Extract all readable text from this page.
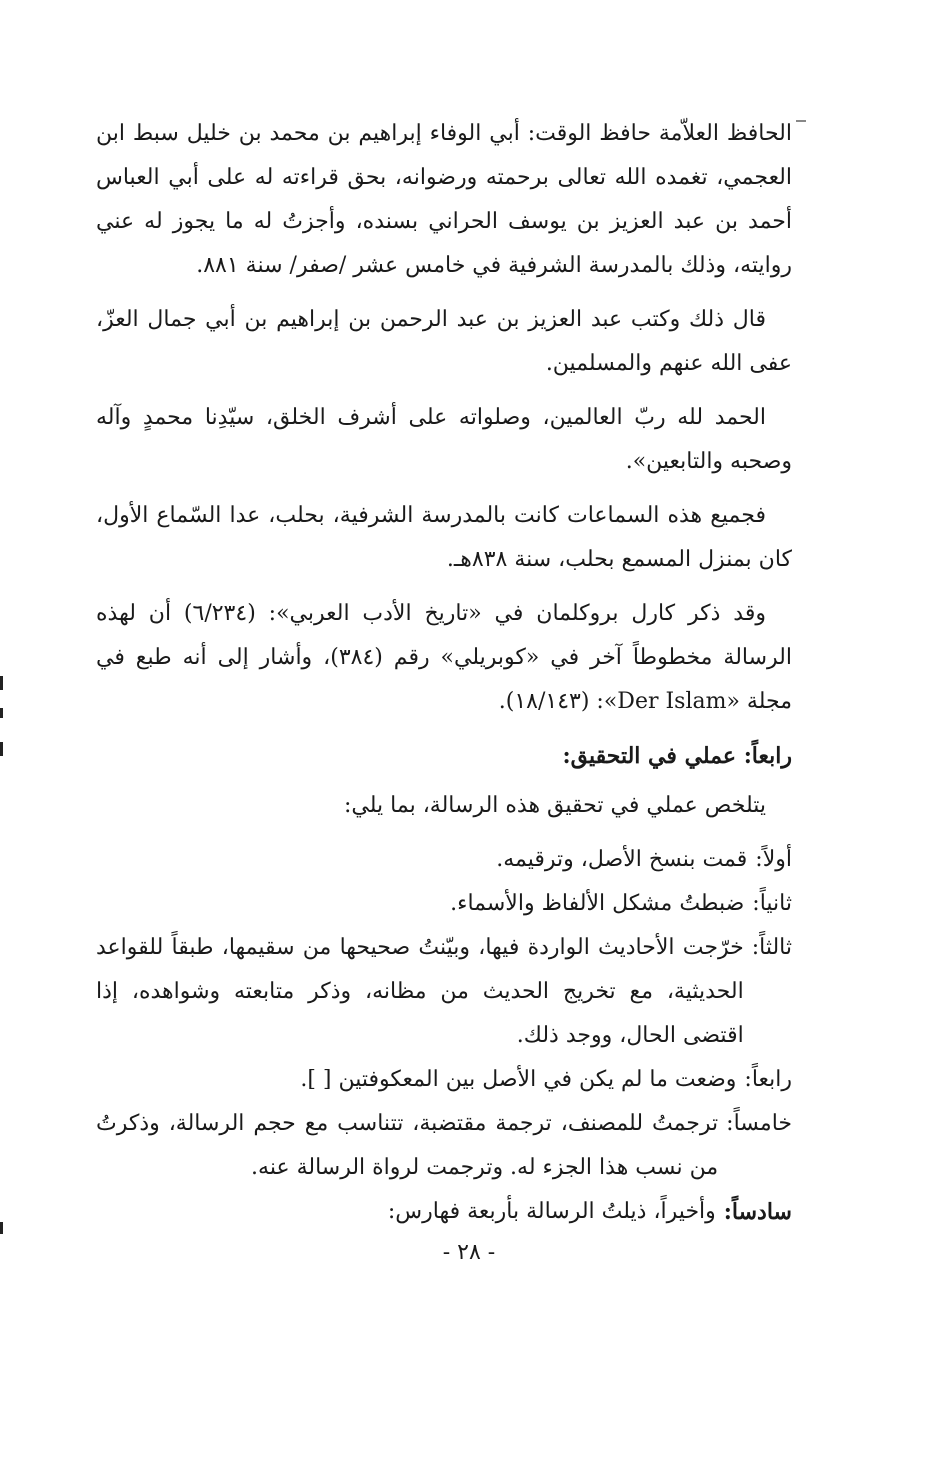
الحافظ العلاّمة حافظ الوقت: أبي الوفاء إبراهيم بن محمد بن خليل سبط ابن العجمي، تغمده الله تعالى برحمته ورضوانه، بحق قراءته له على أبي العباس أحمد بن عبد العزيز بن يوسف الحراني بسنده، وأجزتُ له ما يجوز له عني روايته، وذلك بالمدرسة الشرفية في خامس عشر /صفر/ سنة ٨٨١.

قال ذلك وكتب عبد العزيز بن عبد الرحمن بن إبراهيم بن أبي جمال العزّ، عفى الله عنهم والمسلمين.

الحمد لله ربّ العالمين، وصلواته على أشرف الخلق، سيّدِنا محمدٍ وآله وصحبه والتابعين».

فجميع هذه السماعات كانت بالمدرسة الشرفية، بحلب، عدا السّماع الأول، كان بمنزل المسمع بحلب، سنة ٨٣٨هـ.

وقد ذكر كارل بروكلمان في «تاريخ الأدب العربي»: (٦/٢٣٤) أن لهذه الرسالة مخطوطاً آخر في «كوبريلي» رقم (٣٨٤)، وأشار إلى أنه طبع في مجلة «Der Islam»: (١٨/١٤٣).

رابعاً: عملي في التحقيق:

يتلخص عملي في تحقيق هذه الرسالة، بما يلي:

أولاً:
قمت بنسخ الأصل، وترقيمه.
ثانياً:
ضبطتُ مشكل الألفاظ والأسماء.
ثالثاً:
خرّجت الأحاديث الواردة فيها، وبيّنتُ صحيحها من سقيمها، طبقاً للقواعد الحديثية، مع تخريج الحديث من مظانه، وذكر متابعته وشواهده، إذا اقتضى الحال، ووجد ذلك.
رابعاً:
وضعت ما لم يكن في الأصل بين المعكوفتين [ ].
خامساً:
ترجمتُ للمصنف، ترجمة مقتضبة، تتناسب مع حجم الرسالة، وذكرتُ من نسب هذا الجزء له. وترجمت لرواة الرسالة عنه.
سادساً:
وأخيراً، ذيلتُ الرسالة بأربعة فهارس:
- ٢٨ -
